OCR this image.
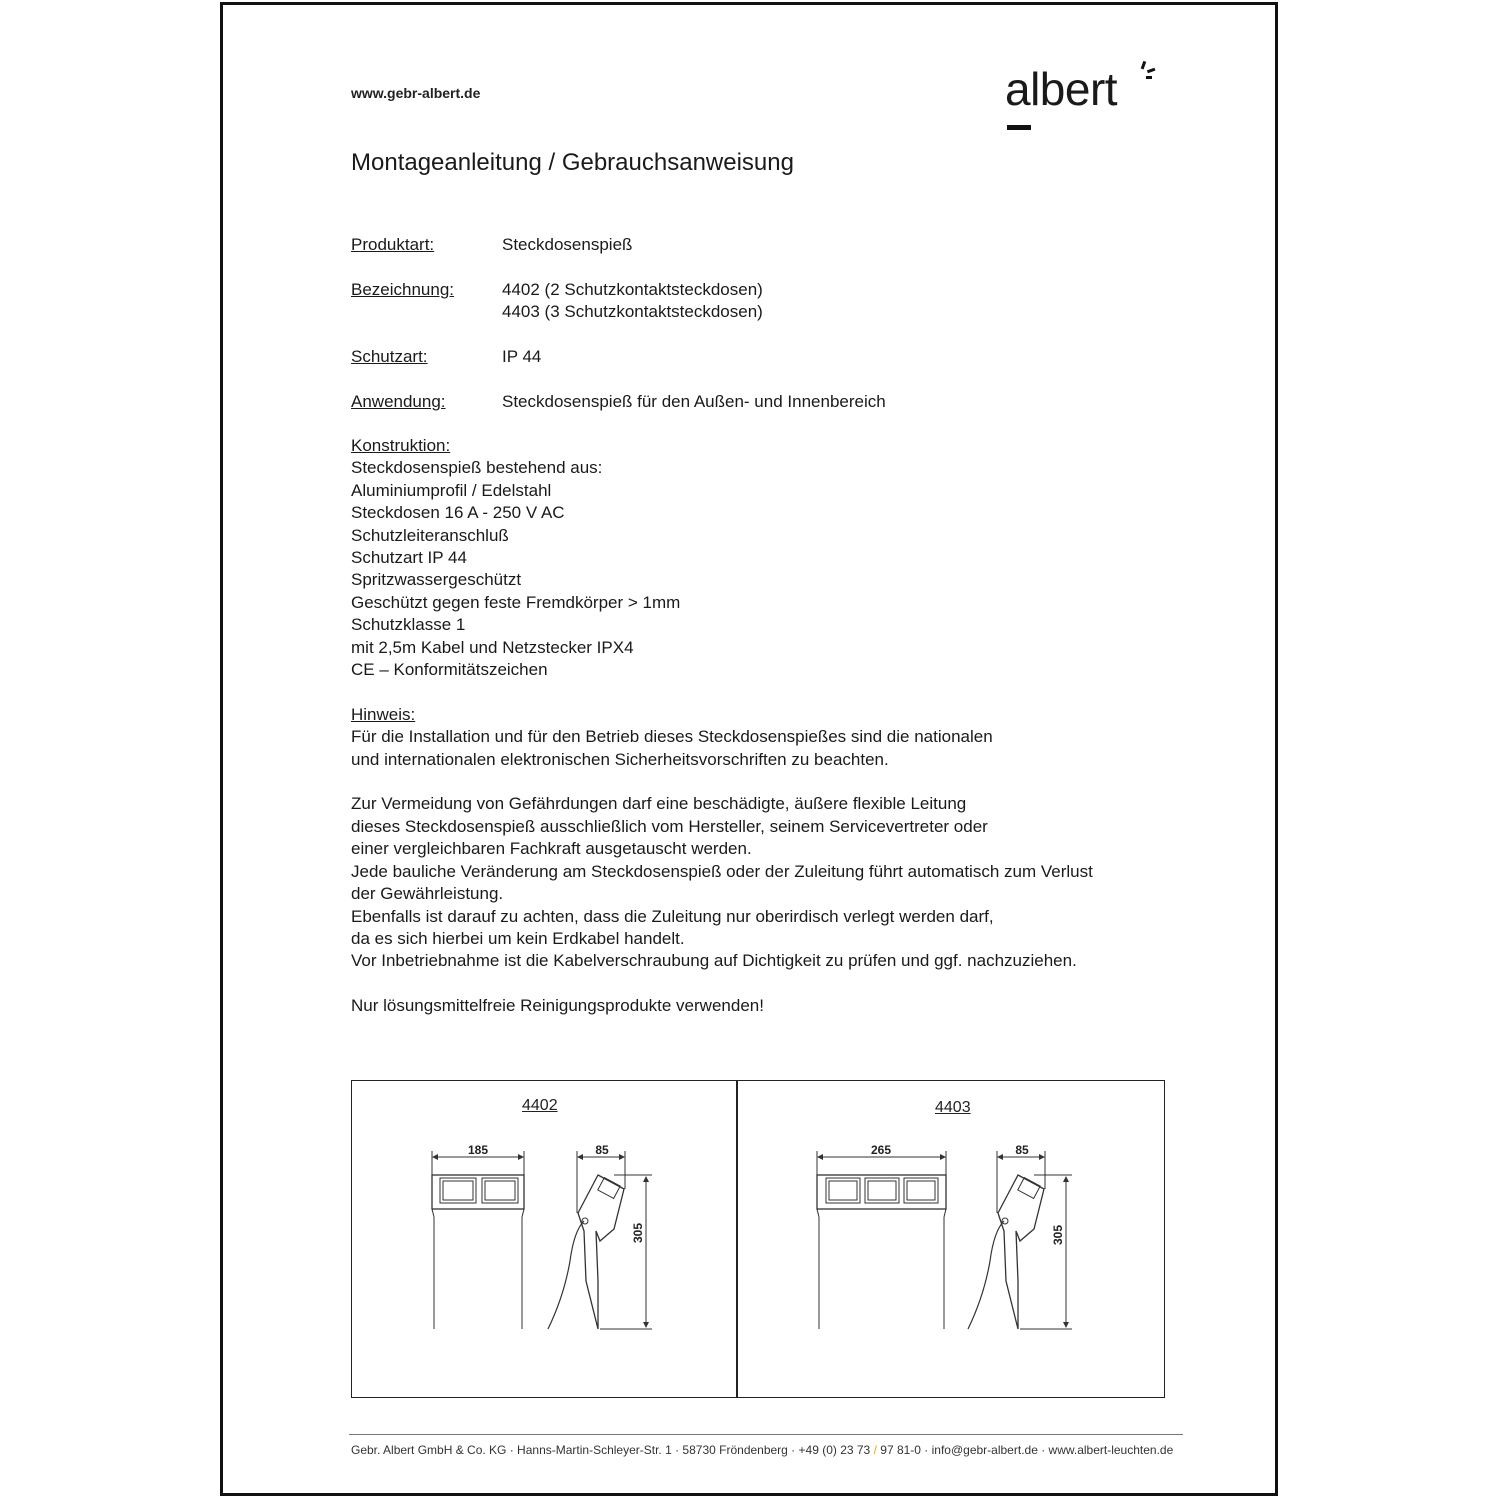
www.gebr-albert.de	albert
Montageanleitung / Gebrauchsanweisung
Produktart:	Steckdosenspieß
Bezeichnung:	4402 (2 Schutzkontaktsteckdosen)
4403 (3 Schutzkontaktsteckdosen)
Schutzart:	IP 44
Anwendung:	Steckdosenspieß für den Außen- und Innenbereich
Konstruktion:
Steckdosenspieß bestehend aus:
Aluminiumprofil / Edelstahl
Steckdosen 16 A - 250 V AC
Schutzleiteranschluß
Schutzart IP 44
Spritzwassergeschützt
Geschützt gegen feste Fremdkörper > 1mm
Schutzklasse 1
mit 2,5m Kabel und Netzstecker IPX4
CE – Konformitätszeichen
Hinweis:
Für die Installation und für den Betrieb dieses Steckdosenspießes sind die nationalen
und internationalen elektronischen Sicherheitsvorschriften zu beachten.
Zur Vermeidung von Gefährdungen darf eine beschädigte, äußere flexible Leitung
dieses Steckdosenspieß ausschließlich vom Hersteller, seinem Servicevertreter oder
einer vergleichbaren Fachkraft ausgetauscht werden.
Jede bauliche Veränderung am Steckdosenspieß oder der Zuleitung führt automatisch zum Verlust
der Gewährleistung.
Ebenfalls ist darauf zu achten, dass die Zuleitung nur oberirdisch verlegt werden darf,
da es sich hierbei um kein Erdkabel handelt.
Vor Inbetriebnahme ist die Kabelverschraubung auf Dichtigkeit zu prüfen und ggf. nachzuziehen.
Nur lösungsmittelfreie Reinigungsprodukte verwenden!
4402	4403
185	85
305
265	85
305
Gebr. Albert GmbH & Co. KG · Hanns-Martin-Schleyer-Str. 1 · 58730 Fröndenberg · +49 (0) 23 73 / 97 81-0 · info@gebr-albert.de · www.albert-leuchten.de
